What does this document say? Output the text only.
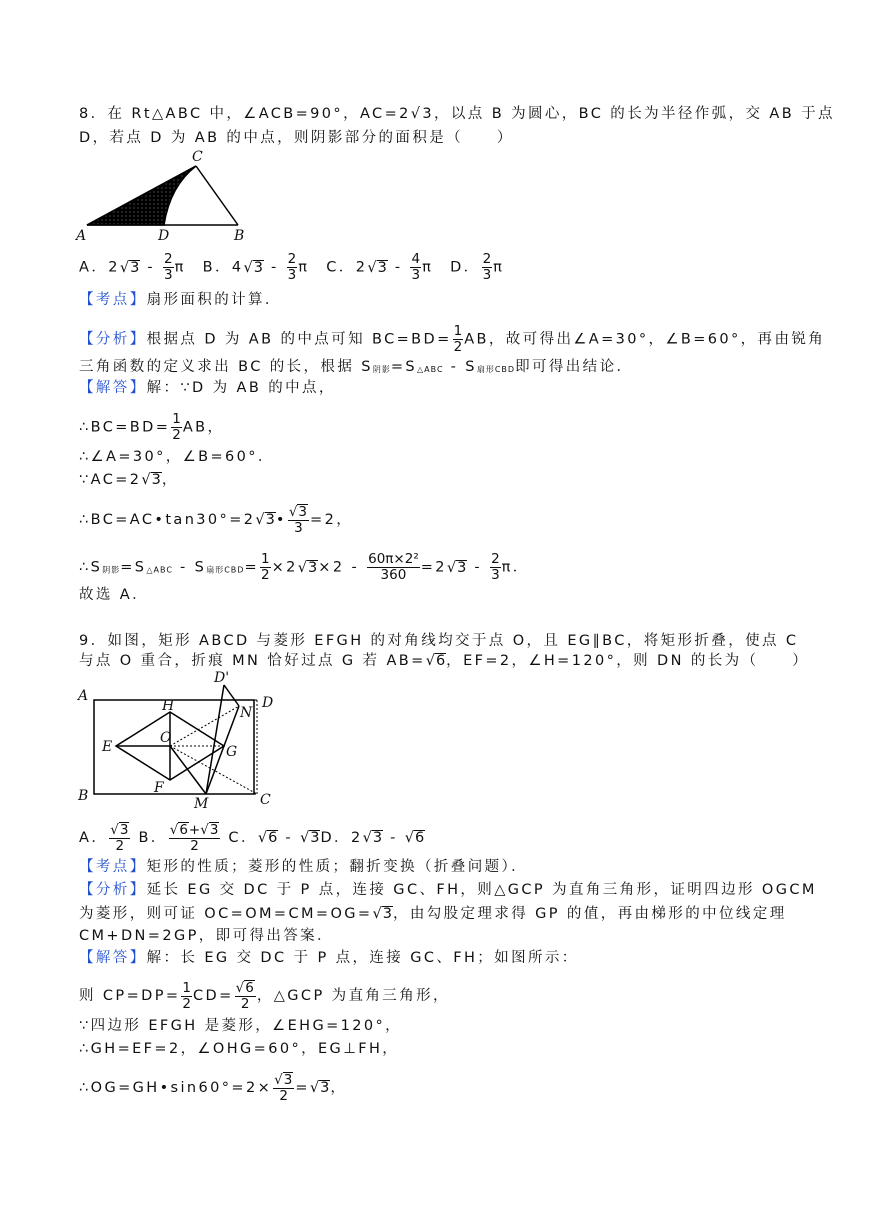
8．在 Rt△ABC 中，∠ACB=90°，AC=2√3，以点 B 为圆心，BC 的长为半径作弧，交 AB 于点
D，若点 D 为 AB 的中点，则阴影部分的面积是（　　）
A	B
C
D
A．$2√3 - \frac{2}{3}$ π　B．$4√3 - \frac{2}{3}$ π　C．$2√3 - \frac{4}{3}$ π　D． $\frac{2}{3}$ π
【考点】扇形面积的计算．
【分析】根据点 D 为 AB 的中点可知 $BC=BD= \frac{1}{2}$ AB，故可得出∠A=30°，∠B=60°，再由锐角
三角函数的定义求出 BC 的长，根据 S阴影=S△ABC - S扇形CBD即可得出结论．
【解答】解：∵D 为 AB 的中点，
∴BC=BD= $\frac{1}{2}$ AB，
∴∠A=30°，∠B=60°．
∵AC=2√3，
∴BC=AC•tan30°=2√3• $\frac{√3}{3} =2$，
∴S阴影=S△ABC - S扇形$CBD= \frac{1}{2} \times 2√3\times 2 - \frac{\text{60π×2²}}{360} =2√3 - \frac{2}{3}$ π．
故选 A．
9．如图，矩形 ABCD 与菱形 EFGH 的对角线均交于点 O，且 EG∥BC，将矩形折叠，使点 C
与点 O 重合，折痕 MN 恰好过点 G 若 AB=√6，EF=2，∠H=120°，则 DN 的长为（　　）
A
B	C
D
D'
E
F
G
H
O
M
N
A． $\frac{√3}{2}$ B． $\frac{√6+√3}{2}$ C．√6 - √3D．2√3 - √6
【考点】矩形的性质；菱形的性质；翻折变换（折叠问题）．
【分析】延长 EG 交 DC 于 P 点，连接 GC、FH，则△GCP 为直角三角形，证明四边形 OGCM
为菱形，则可证 OC=OM=CM=OG=√3，由勾股定理求得 GP 的值，再由梯形的中位线定理
CM+DN=2GP，即可得出答案．
【解答】解：长 EG 交 DC 于 P 点，连接 GC、FH；如图所示：
则 $CP=DP= \frac{1}{2} CD= \frac{√6}{2}$ ，△GCP 为直角三角形，
∵四边形 EFGH 是菱形，∠EHG=120°，
∴GH=EF=2，∠OHG=60°，EG⊥FH，
∴OG=GH•sin60°=2× $\frac{√3}{2} =√3$，
